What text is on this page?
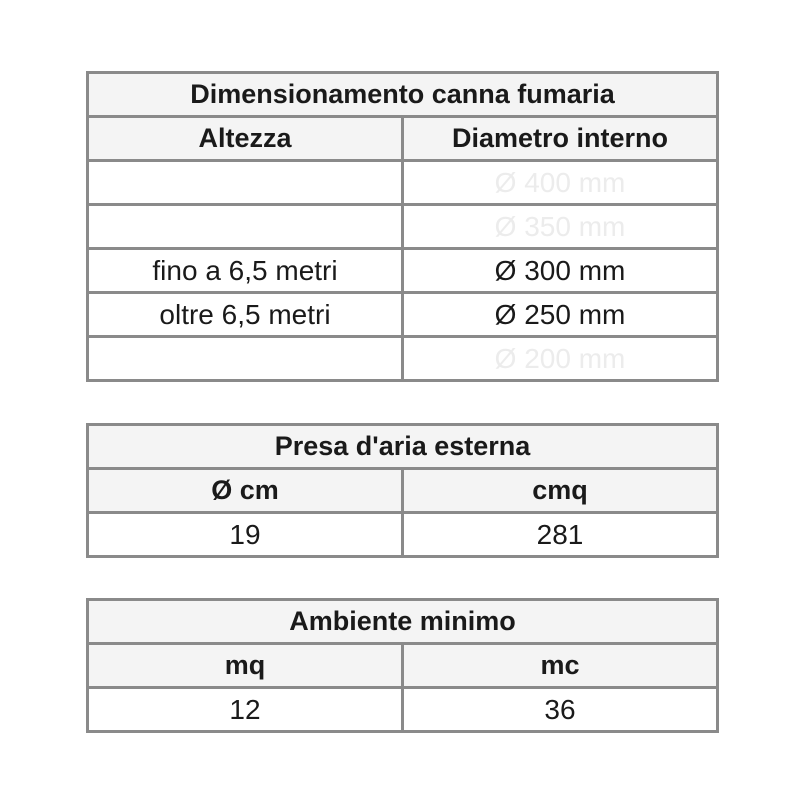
Dimensionamento canna fumaria	
Altezza	Diametro interno
	Ø 400 mm
	Ø 350 mm
fino a 6,5 metri	Ø 300 mm
oltre 6,5 metri	Ø 250 mm
	Ø 200 mm
Presa d'aria esterna	
Ø cm	cmq
19	281
Ambiente minimo	
mq	mc
12	36
